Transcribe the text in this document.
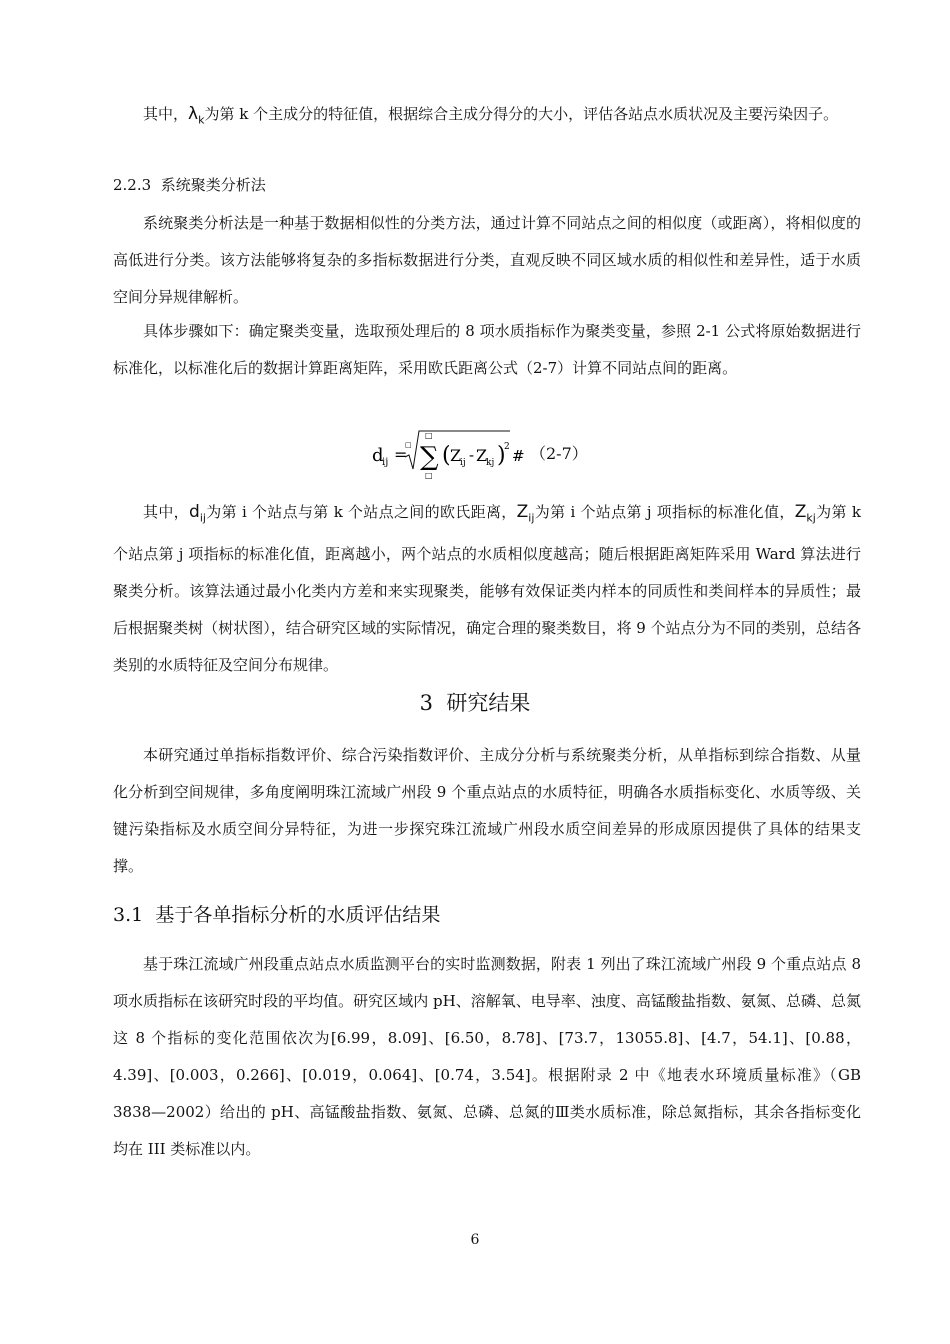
其中，$\lambda_k$为第 k 个主成分的特征值，根据综合主成分得分的大小，评估各站点水质状况及主要污染因子。

2.2.3 系统聚类分析法

系统聚类分析法是一种基于数据相似性的分类方法，通过计算不同站点之间的相似度（或距离），将相似度的高低进行分类。该方法能够将复杂的多指标数据进行分类，直观反映不同区域水质的相似性和差异性，适于水质空间分异规律解析。

具体步骤如下：确定聚类变量，选取预处理后的 8 项水质指标作为聚类变量，参照 2-1 公式将原始数据进行标准化，以标准化后的数据计算距离矩阵，采用欧氏距离公式（2-7）计算不同站点间的距离。

d
ij =
□
□
∑
□
( Z
ij - Z
kj )
2 # （2-7）

其中，$d_{ij}$为第 i 个站点与第 k 个站点之间的欧氏距离，$Z_{ij}$为第 i 个站点第 j 项指标的标准化值，$Z_{kj}$为第 k 个站点第 j 项指标的标准化值，距离越小，两个站点的水质相似度越高；随后根据距离矩阵采用 Ward 算法进行聚类分析。该算法通过最小化类内方差和来实现聚类，能够有效保证类内样本的同质性和类间样本的异质性；最后根据聚类树（树状图），结合研究区域的实际情况，确定合理的聚类数目，将 9 个站点分为不同的类别，总结各类别的水质特征及空间分布规律。

3 研究结果

本研究通过单指标指数评价、综合污染指数评价、主成分分析与系统聚类分析，从单指标到综合指数、从量化分析到空间规律，多角度阐明珠江流域广州段 9 个重点站点的水质特征，明确各水质指标变化、水质等级、关键污染指标及水质空间分异特征，为进一步探究珠江流域广州段水质空间差异的形成原因提供了具体的结果支撑。

3.1 基于各单指标分析的水质评估结果

基于珠江流域广州段重点站点水质监测平台的实时监测数据，附表 1 列出了珠江流域广州段 9 个重点站点 8 项水质指标在该研究时段的平均值。研究区域内 pH、溶解氧、电导率、浊度、高锰酸盐指数、氨氮、总磷、总氮这 8 个指标的变化范围依次为[6.99，8.09]、[6.50，8.78]、[73.7，13055.8]、[4.7，54.1]、[0.88，4.39]、[0.003，0.266]、[0.019，0.064]、[0.74，3.54]。根据附录 2 中《地表水环境质量标准》（GB 3838—2002）给出的 pH、高锰酸盐指数、氨氮、总磷、总氮的Ⅲ类水质标准，除总氮指标，其余各指标变化均在 III 类标准以内。

6
